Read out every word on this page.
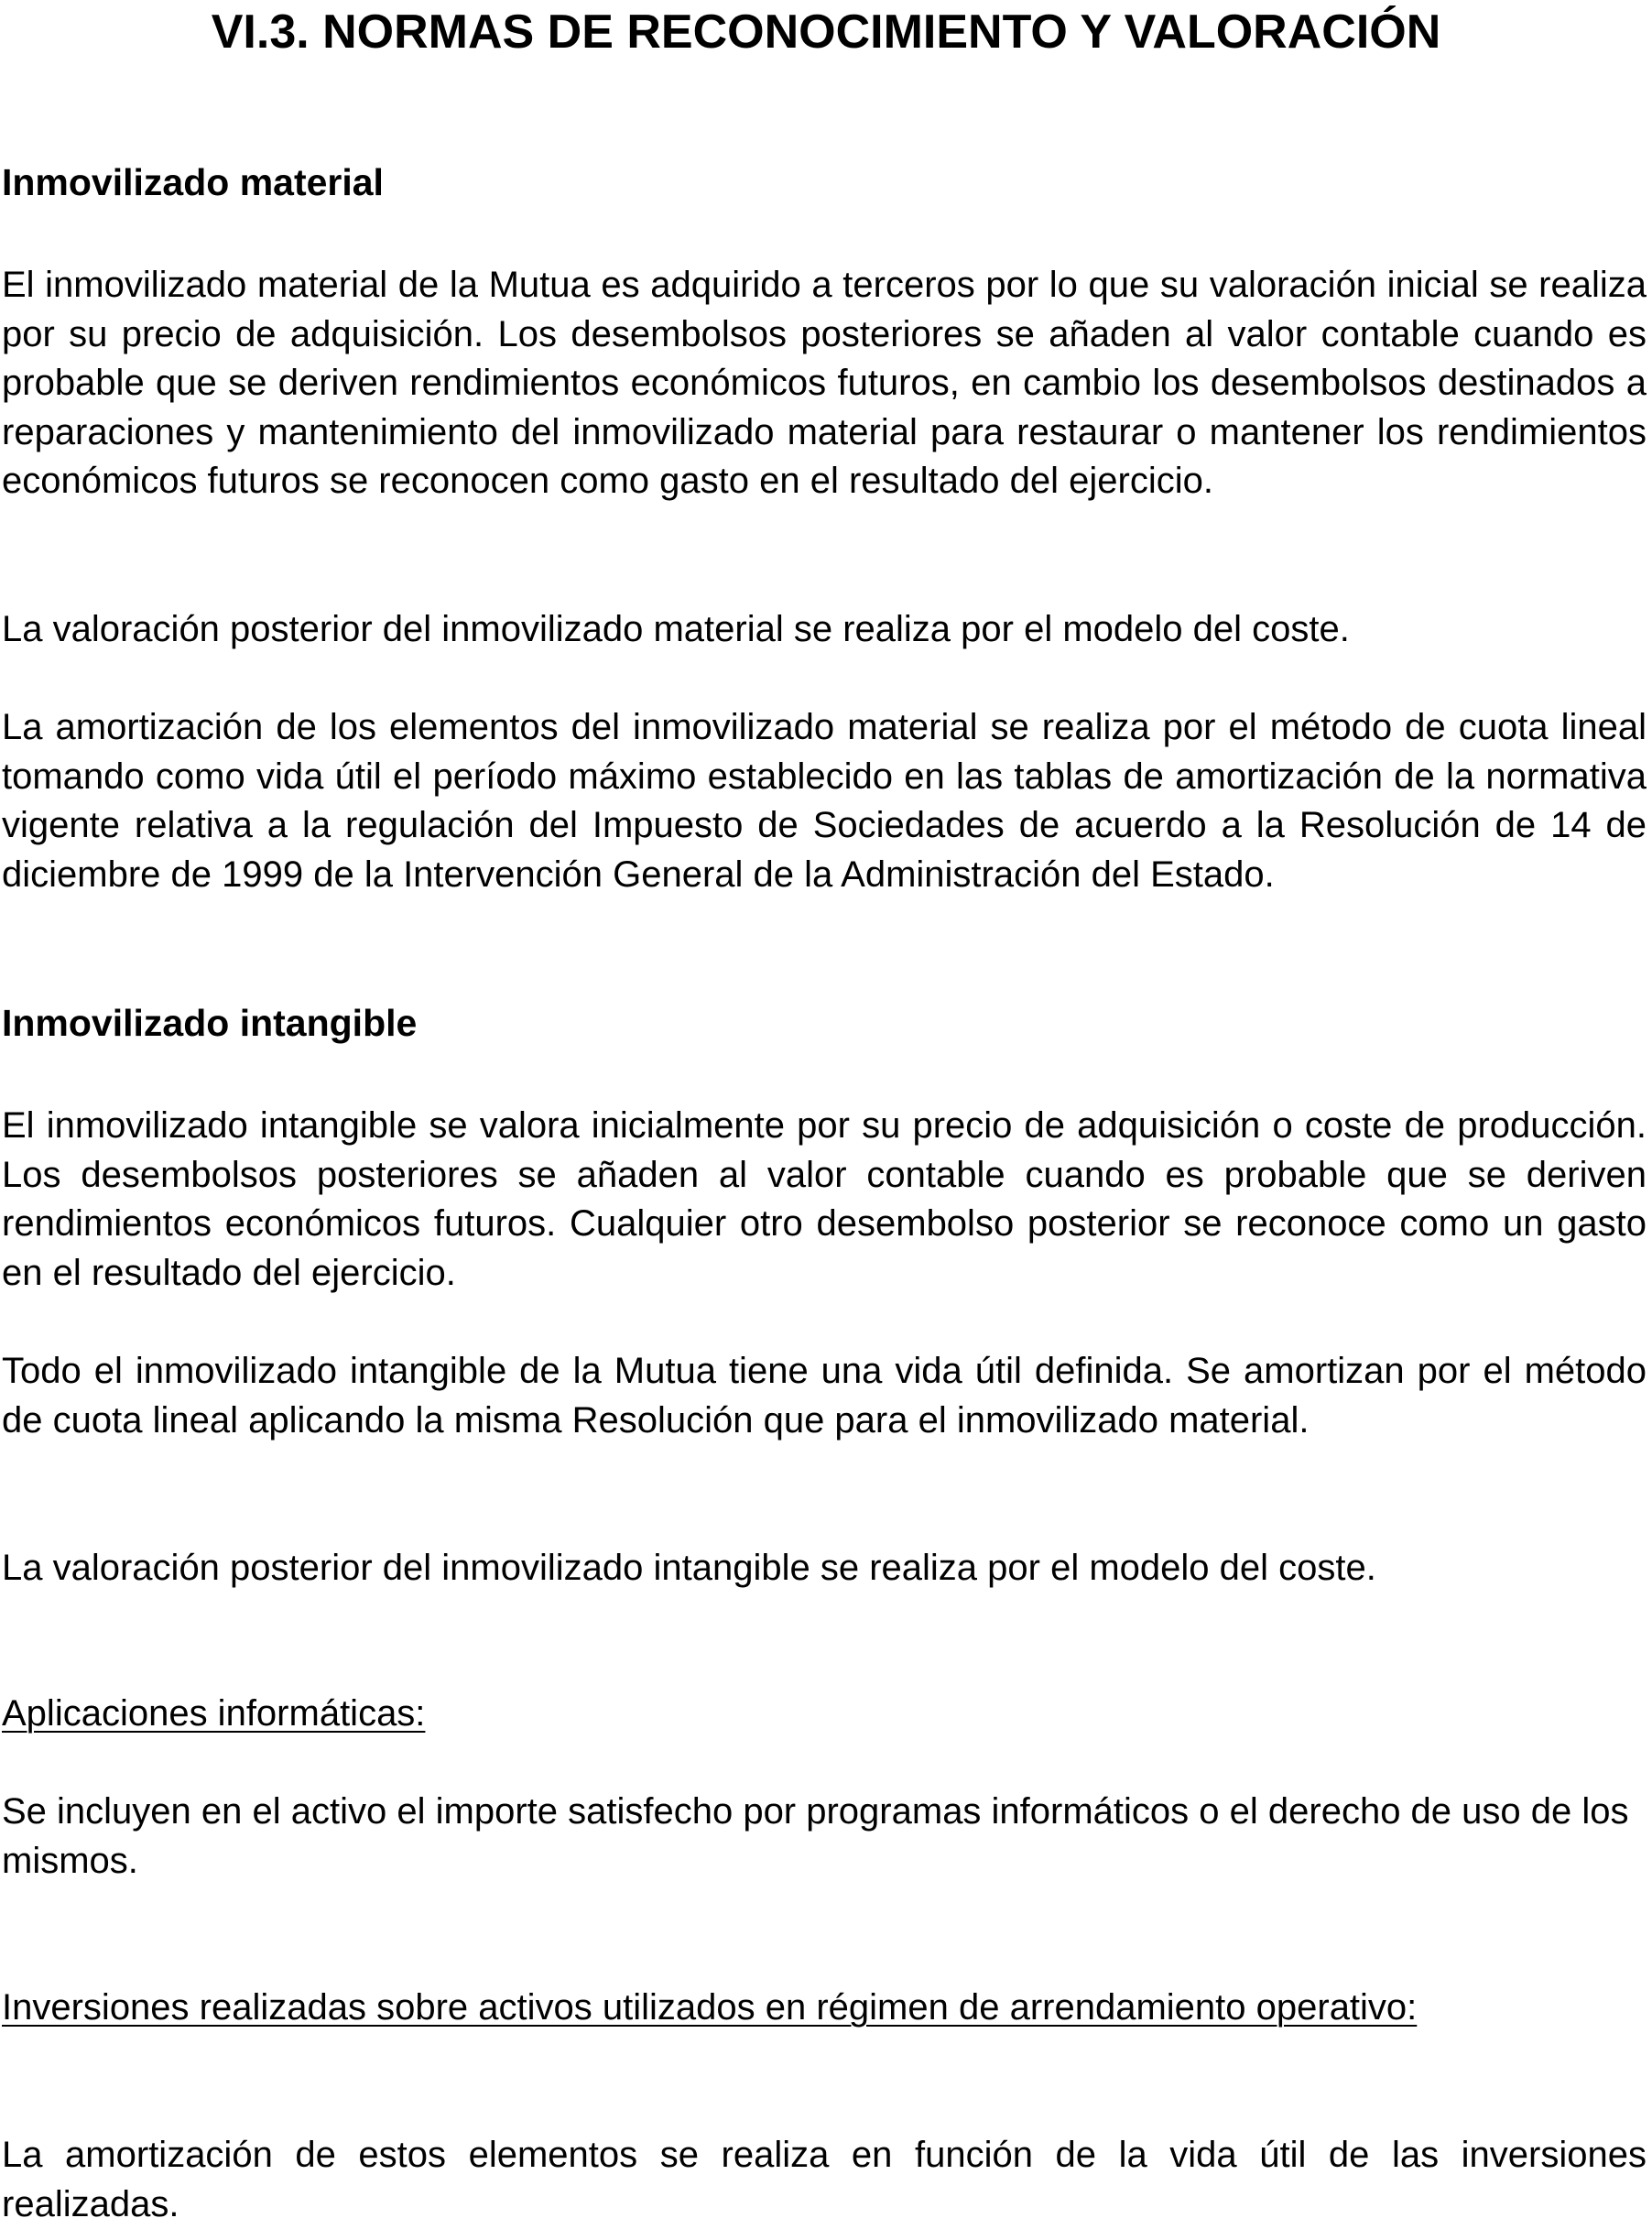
VI.3. NORMAS DE RECONOCIMIENTO Y VALORACIÓN
Inmovilizado material

El inmovilizado material de la Mutua es adquirido a terceros por lo que su valoración inicial se realiza por su precio de adquisición. Los desembolsos posteriores se añaden al valor contable cuando es probable que se deriven rendimientos económicos futuros, en cambio los desembolsos destinados a reparaciones y mantenimiento del inmovilizado material para restaurar o mantener los rendimientos económicos futuros se reconocen como gasto en el resultado del ejercicio.

La valoración posterior del inmovilizado material se realiza por el modelo del coste.

La amortización de los elementos del inmovilizado material se realiza por el método de cuota lineal tomando como vida útil el período máximo establecido en las tablas de amortización de la normativa vigente relativa a la regulación del Impuesto de Sociedades de acuerdo a la Resolución de 14 de diciembre de 1999 de la Intervención General de la Administración del Estado.

Inmovilizado intangible

El inmovilizado intangible se valora inicialmente por su precio de adquisición o coste de producción. Los desembolsos posteriores se añaden al valor contable cuando es probable que se deriven rendimientos económicos futuros. Cualquier otro desembolso posterior se reconoce como un gasto en el resultado del ejercicio.

Todo el inmovilizado intangible de la Mutua tiene una vida útil definida. Se amortizan por el método de cuota lineal aplicando la misma Resolución que para el inmovilizado material.

La valoración posterior del inmovilizado intangible se realiza por el modelo del coste.

Aplicaciones informáticas:

Se incluyen en el activo el importe satisfecho por programas informáticos o el derecho de uso de los mismos.

Inversiones realizadas sobre activos utilizados en régimen de arrendamiento operativo:

La amortización de estos elementos se realiza en función de la vida útil de las inversiones realizadas.
